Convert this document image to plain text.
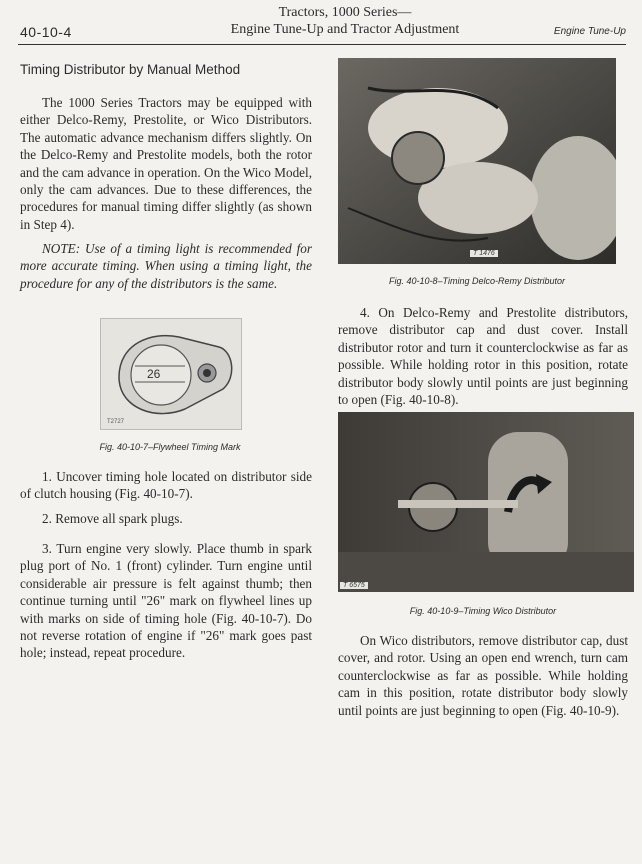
40-10-4
Tractors, 1000 Series—
Engine Tune-Up and Tractor Adjustment	Engine Tune-Up
Timing Distributor by Manual Method

The 1000 Series Tractors may be equipped with either Delco-Remy, Prestolite, or Wico Distributors. The automatic advance mechanism differs slightly. On the Delco-Remy and Prestolite models, both the rotor and the cam advance in operation. On the Wico Model, only the cam advances. Due to these differences, the procedures for manual timing differ slightly (as shown in Step 4).

NOTE: Use of a timing light is recommended for more accurate timing. When using a timing light, the procedure for any of the distributors is the same.

26
T2727
Fig. 40-10-7–Flywheel Timing Mark

1. Uncover timing hole located on distributor side of clutch housing (Fig. 40-10-7).

2. Remove all spark plugs.

3. Turn engine very slowly. Place thumb in spark plug port of No. 1 (front) cylinder. Turn engine until considerable air pressure is felt against thumb; then continue turning until "26" mark on flywheel lines up with marks on side of timing hole (Fig. 40-10-7). Do not reverse rotation of engine if "26" mark goes past hole; instead, repeat procedure.

T 1476
Fig. 40-10-8–Timing Delco-Remy Distributor

4. On Delco-Remy and Prestolite distributors, remove distributor cap and dust cover. Install distributor rotor and turn it counterclockwise as far as possible. While holding rotor in this position, rotate distributor body slowly until points are just beginning to open (Fig. 40-10-8).

T 6575
Fig. 40-10-9–Timing Wico Distributor

On Wico distributors, remove distributor cap, dust cover, and rotor. Using an open end wrench, turn cam counterclockwise as far as possible. While holding cam in this position, rotate distributor body slowly until points are just beginning to open (Fig. 40-10-9).
